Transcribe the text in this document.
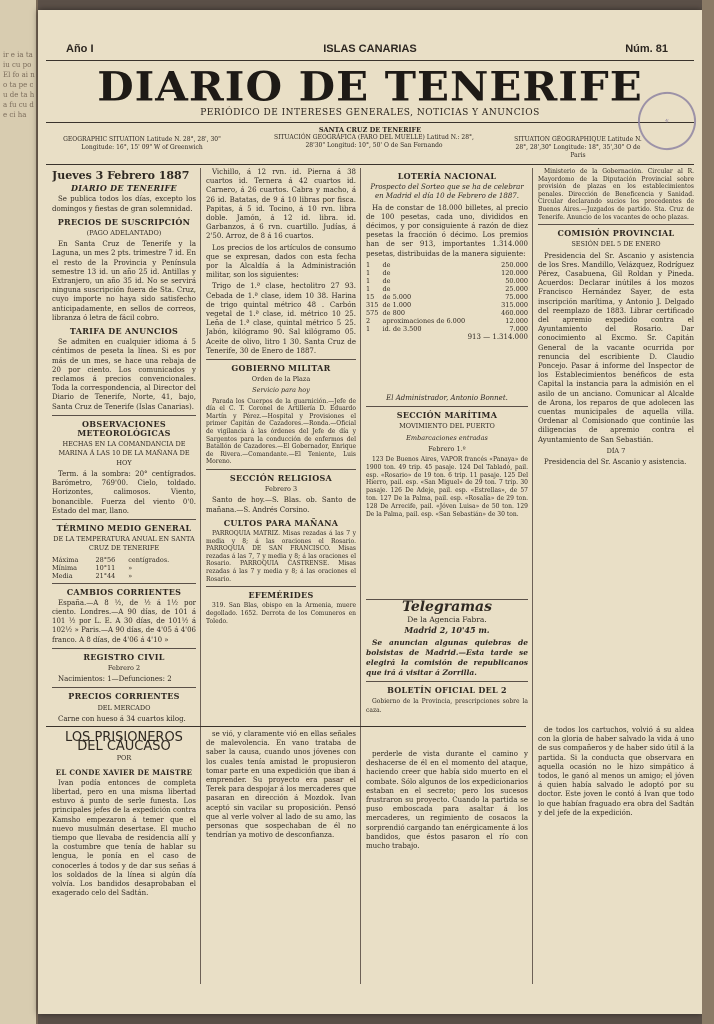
ir e ia ta iu cu po El fo ai no ta pe cu de ta ha fu cu de ci ha
Año I	ISLAS CANARIAS	Núm. 81
DIARIO DE TENERIFE
PERIÓDICO DE INTERESES GENERALES, NOTICIAS Y ANUNCIOS
SANTA CRUZ DE TENERIFE
GEOGRAPHIC SITUATION Latitude N. 28°, 28', 30" Longitude: 16°, 15' 09" W of Greenwich
SITUACIÓN GEOGRÁFICA (FARO DEL MUELLE) Latitud N.: 28°, 28'30" Longitud: 10°, 50' O de San Fernando
SITUATION GÉOGRAPHIQUE Latitude N. 28°, 28',30" Longitude: 18°, 35',30" O de Paris
⚜
Jueves 3 Febrero 1887
DIARIO DE TENERIFE

Se publica todos los días, excepto los domingos y fiestas de gran solemnidad.

PRECIOS DE SUSCRIPCIÓN
(PAGO ADELANTADO)

En Santa Cruz de Tenerife y la Laguna, un mes 2 pts. trimestre 7 id. En el resto de la Provincia y Península semestre 13 id. un año 25 id. Antillas y Extranjero, un año 35 id. No se servirá ninguna suscripción fuera de Sta. Cruz, cuyo importe no haya sido satisfecho anticipadamente, en sellos de correos, libranza ó letra de fácil cobro.

TARIFA DE ANUNCIOS

Se admiten en cualquier idioma á 5 céntimos de peseta la línea. Si es por más de un mes, se hace una rebaja de 20 por ciento. Los comunicados y reclamos á precios convencionales. Toda la correspondencia, al Director del Diario de Tenerife, Norte, 41, bajo, Santa Cruz de Tenerife (Islas Canarias).

OBSERVACIONES METEOROLÓGICAS
HECHAS EN LA COMANDANCIA DE MARINA Á LAS 10 DE LA MAÑANA DE HOY

Term. á la sombra: 20° centígrados. Barómetro, 769'00. Cielo, toldado. Horizontes, calimosos. Viento, bonancible. Fuerza del viento 0'0. Estado del mar, llano.

TÉRMINO MEDIO GENERAL
DE LA TEMPERATURA ANUAL EN SANTA CRUZ DE TENERIFE
Máxima	28°56	centígrados.
Mínima	10°11	»
Media	21°44	»
CAMBIOS CORRIENTES

España.—A 8 ½, de ½ á 1½ por ciento. Londres.—A 90 días, de 101 á 101 ½ por L. E. A 30 días, de 101½ á 102½ » Paris.—A 90 días, de 4'05 á 4'06 franco. A 8 días, de 4'06 á 4'10 »

REGISTRO CIVIL
Febrero 2

Nacimientos: 1—Defunciones: 2

PRECIOS CORRIENTES
DEL MERCADO

Carne con hueso á 34 cuartos kilog.

Vichillo, á 12 rvn. id. Pierna á 38 cuartos id. Ternera á 42 cuartos id. Carnero, á 26 cuartos. Cabra y macho, á 26 id. Batatas, de 9 á 10 libras por fisca. Papitas, á 5 id. Tocino, á 10 rvn. libra doble. Jamón, á 12 id. libra. id. Garbanzos, á 6 rvn. cuartillo. Judías, á 2'50. Arroz, de 8 á 16 cuartos.

Los precios de los artículos de consumo que se expresan, dados con esta fecha por la Alcaldía á la Administración militar, son los siguientes:

Trigo de 1.ª clase, hectolitro 27 93. Cebada de 1.ª clase, idem 10 38. Harina de trigo quintal métrico 48 . Carbón vegetal de 1.ª clase, id. métrico 10 25. Leña de 1.ª clase, quintal métrico 5 25. Jabón, kilógramo 90. Sal kilógramo 05. Aceite de olivo, litro 1 30. Santa Cruz de Tenerife, 30 de Enero de 1887.

GOBIERNO MILITAR
Orden de la Plaza
Servicio para hoy

Parada los Cuerpos de la guarnición.—Jefe de día el C. T. Coronel de Artillería D. Eduardo Martín y Pérez.—Hospital y Provisiones el primer Capitán de Cazadores.—Ronda.—Oficial de vigilancia á las órdenes del Jefe de día y Sargentos para la conducción de enfermos del Batallón de Cazadores.—El Gobernador, Enrique de Rivera.—Comandante.—El Teniente, Luis Moreno.

SECCIÓN RELIGIOSA
Febrero 3

Santo de hoy.—S. Blas. ob. Santo de mañana.—S. Andrés Corsino.

CULTOS PARA MAÑANA

PARROQUIA MATRIZ. Misas rezadas á las 7 y media y 8; á las oraciones el Rosario. PARROQUIA DE SAN FRANCISCO. Misas rezadas á las 7, 7 y media y 8; á las oraciones el Rosario. PARROQUIA CASTRENSE. Misas rezadas á las 7 y media y 8; á las oraciones el Rosario.

EFEMÉRIDES

319. San Blas, obispo en la Armenia, muere degollado. 1652. Derrota de los Comuneros en Toledo.

LOTERÍA NACIONAL

Prospecto del Sorteo que se ha de celebrar en Madrid el día 10 de Febrero de 1887.

Ha de constar de 18.000 billetes, al precio de 100 pesetas, cada uno, divididos en décimos, y por consiguiente á razón de diez pesetas la fracción ó décimo. Los premios han de ser 913, importantes 1.314.000 pesetas, distribuidas de la manera siguiente:

1	de	250.000
1	de	120.000
1	de	50.000
1	de	25.000
15	de 5.000	75.000
315	de 1.000	315.000
575	de 800	460.000
2	aproximaciones de 6.000	12.000
1	id. de 3.500	7.000

913 — 1.314.000

El Administrador, Antonio Bonnet.

SECCIÓN MARÍTIMA
MOVIMIENTO DEL PUERTO
Embarcaciones entradas
Febrero 1.º

123 De Buenos Aires, VAPOR francés «Panaya» de 1900 ton. 49 trip. 45 pasaje. 124 Del Tabladó, pail. esp. «Rosario» de 19 ton. 6 trip. 11 pasaje. 125 Del Hierro, pail. esp. «San Miguel» de 29 ton. 7 trip. 30 pasaje. 126 De Adeje, pail. esp. «Estrellas», de 57 ton. 127 De la Palma, pail. esp. «Rosalía» de 29 ton. 128 De Arrecife, pail. «Jóven Luisa» de 50 ton. 129 De la Palma, pail. esp. «San Sebastián» de 30 ton.

Telegramas
De la Agencia Fabra.
Madrid 2, 10'45 m.

Se anuncian algunas quiebras de bolsistas de Madrid.—Esta tarde se elegirá la comisión de republicanos que irá á visitar á Zorrilla.

BOLETÍN OFICIAL DEL 2

Gobierno de la Provincia, prescripciones sobre la caza.

Ministerio de la Gobernación. Circular al R. Mayordomo de la Diputación Provincial sobre provisión de plazas en los establecimientos penales. Dirección de Beneficencia y Sanidad. Circular declarando sucios los procedentes de Buenos Aires.—Juzgados de partido. Sta. Cruz de Tenerife. Anuncio de los vacantes de ocho plazas.

COMISIÓN PROVINCIAL
SESIÓN DEL 5 DE ENERO

Presidencia del Sr. Ascanio y asistencia de los Sres. Mandillo, Velázquez, Rodríguez Pérez, Casabuena, Gil Roldan y Pineda. Acuerdos: Declarar inútiles á los mozos Francisco Hernández Sayer, de esta inscripción marítima, y Antonio J. Delgado del reemplazo de 1883. Librar certificado del apremio expedido contra el Ayuntamiento del Rosario. Dar conocimiento al Excmo. Sr. Capitán General de la vacante ocurrida por renuncia del escribiente D. Claudio Poncejo. Pasar á informe del Inspector de los Establecimientos benéficos de esta Capital la instancia para la admisión en el asilo de un anciano. Comunicar al Alcalde de Arona, los reparos de que adolecen las cuentas municipales de aquella villa. Ordenar al Comisionado que continúe las diligencias de apremio contra el Ayuntamiento de San Sebastián.

DÍA 7

Presidencia del Sr. Ascanio y asistencia.

LOS PRISIONEROS DEL CÁUCASO
POR
EL CONDE XAVIER DE MAISTRE

Ivan podía entonces de completa libertad, pero en una misma libertad estuvo á punto de serle funesta. Los principales jefes de la expedición contra Kamsho empezaron á temer que el nuevo musulmán desertase. El mucho tiempo que llevaba de residencia allí y la costumbre que tenía de hablar su lengua, le ponía en el caso de conocerles á todos y de dar sus señas á los soldados de la línea si algún día volvía. Los bandidos desaprobaban el exagerado celo del Sadtán.

se vió, y claramente vió en ellas señales de malevolencia. En vano trataba de saber la causa, cuando unos jóvenes con los cuales tenía amistad le propusieron tomar parte en una expedición que iban á emprender. Su proyecto era pasar el Terek para despojar á los mercaderes que pasaran en dirección á Mozdok. Ivan aceptó sin vacilar su proposición. Pensó que al verle volver al lado de su amo, las personas que sospechaban de él no tendrían ya motivo de desconfianza.

perderle de vista durante el camino y deshacerse de él en el momento del ataque, haciendo creer que había sido muerto en el combate. Sólo algunos de los expedicionarios estaban en el secreto; pero los sucesos frustraron su proyecto. Cuando la partida se puso emboscada para asaltar á los mercaderes, un regimiento de cosacos la sorprendió cargando tan enérgicamente á los bandidos, que éstos pasaron el río con mucho trabajo.

de todos los cartuchos, volvió á su aldea con la gloria de haber salvado la vida á uno de sus compañeros y de haber sido útil á la partida. Si la conducta que observara en aquella ocasión no le hizo simpático á todos, le ganó al menos un amigo; el jóven á quien había salvado le adoptó por su doctor. Este joven le contó á Ivan que todo lo que habían fraguado era obra del Sadtán y del jefe de la expedición.
